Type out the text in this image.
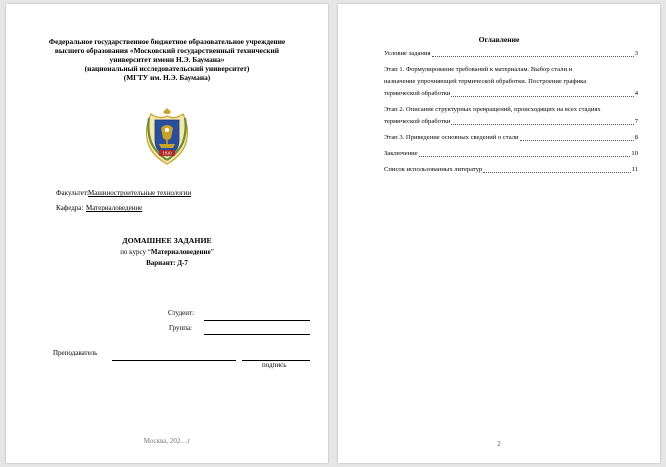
Федеральное государственное бюджетное образовательное учреждение
высшего образования «Московский государственный технический
университет имени Н.Э. Баумана»
(национальный исследовательский университет)
(МГТУ им. Н.Э. Баумана)
1830
Факультет: Машиностроительные технологии
Кафедра: Материаловедение
ДОМАШНЕЕ ЗАДАНИЕ
по курсу “Материаловедение”
Вариант: Д-7
Студент:
Группа:
Преподаватель
подпись
Москва, 202…г
Оглавление
Условие задания	3
Этап 1. Формулирование требований к материалам. Выбор стали и
назначение упрочняющей термической обработки. Построение графика
термической обработки	4
Этап 2. Описание структурных превращений, происходящих на всех стадиях
термической обработки	7
Этап 3. Приведение основных сведений о стали	8
Заключение	10
Список использованных литератур	11
2
